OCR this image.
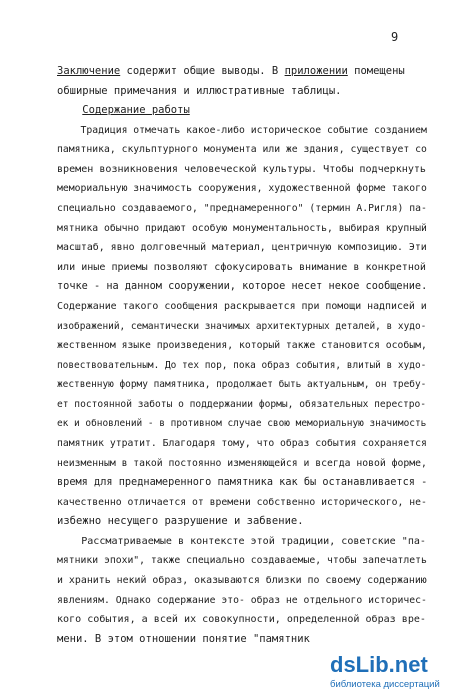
9
Заключение содержит общие выводы. В приложении помещены
обширные примечания и иллюстративные таблицы.
Содержание работы
Традиция отмечать какое-либо историческое событие созданием
памятника, скульптурного монумента или же здания, существует со
времен возникновения человеческой культуры. Чтобы подчеркнуть
мемориальную значимость сооружения, художественной форме такого
специально создаваемого, "преднамеренного" (термин А.Ригля) па-
мятника обычно придают особую монументальность, выбирая крупный
масштаб, явно долговечный материал, центричную композицию. Эти
или иные приемы позволяют сфокусировать внимание в конкретной
точке - на данном сооружении, которое несет некое сообщение.
Содержание такого сообщения раскрывается при помощи надписей и
изображений, семантически значимых архитектурных деталей, в худо-
жественном языке произведения, который также становится особым,
повествовательным. До тех пор, пока образ события, влитый в худо-
жественную форму памятника, продолжает быть актуальным, он требу-
ет постоянной заботы о поддержании формы, обязательных перестро-
ек и обновлений - в противном случае свою мемориальную значимость
памятник утратит. Благодаря тому, что образ события сохраняется
неизменным в такой постоянно изменяющейся и всегда новой форме,
время для преднамеренного памятника как бы останавливается -
качественно отличается от времени собственно исторического, не-
избежно несущего разрушение и забвение.
Рассматриваемые в контексте этой традиции, советские "па-
мятники эпохи", также специально создаваемые, чтобы запечатлеть
и хранить некий образ, оказываются близки по своему содержанию
явлениям. Однако содержание это- образ не отдельного историчес-
кого события, а всей их совокупности, определенной образ вре-
мени. В этом отношении понятие "памятник
dsLib.net
библиотека диссертаций
